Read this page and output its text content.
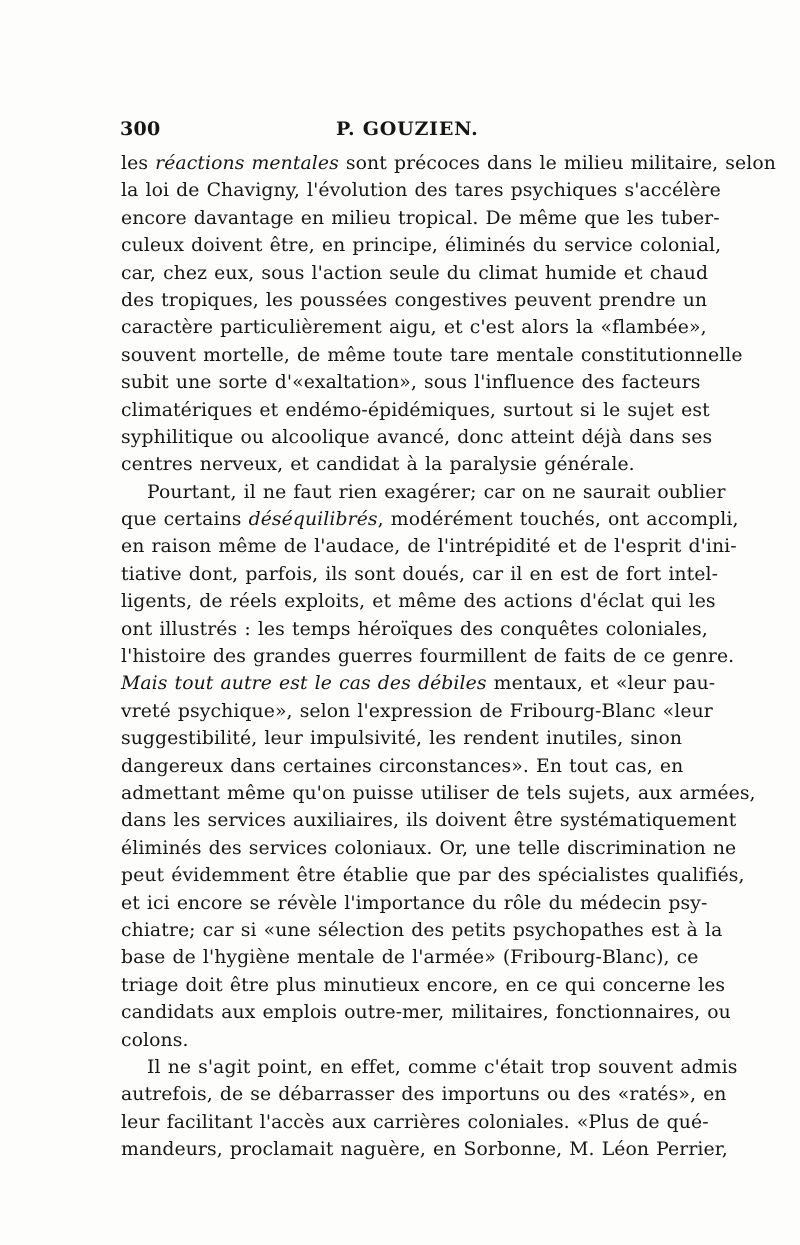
300	P. GOUZIEN.
les réactions mentales sont précoces dans le milieu militaire, selon
la loi de Chavigny, l'évolution des tares psychiques s'accélère
encore davantage en milieu tropical. De même que les tuber-
culeux doivent être, en principe, éliminés du service colonial,
car, chez eux, sous l'action seule du climat humide et chaud
des tropiques, les poussées congestives peuvent prendre un
caractère particulièrement aigu, et c'est alors la «flambée»,
souvent mortelle, de même toute tare mentale constitutionnelle
subit une sorte d'«exaltation», sous l'influence des facteurs
climatériques et endémo-épidémiques, surtout si le sujet est
syphilitique ou alcoolique avancé, donc atteint déjà dans ses
centres nerveux, et candidat à la paralysie générale.
Pourtant, il ne faut rien exagérer; car on ne saurait oublier
que certains déséquilibrés, modérément touchés, ont accompli,
en raison même de l'audace, de l'intrépidité et de l'esprit d'ini-
tiative dont, parfois, ils sont doués, car il en est de fort intel-
ligents, de réels exploits, et même des actions d'éclat qui les
ont illustrés : les temps héroïques des conquêtes coloniales,
l'histoire des grandes guerres fourmillent de faits de ce genre.
Mais tout autre est le cas des débiles mentaux, et «leur pau-
vreté psychique», selon l'expression de Fribourg-Blanc «leur
suggestibilité, leur impulsivité, les rendent inutiles, sinon
dangereux dans certaines circonstances». En tout cas, en
admettant même qu'on puisse utiliser de tels sujets, aux armées,
dans les services auxiliaires, ils doivent être systématiquement
éliminés des services coloniaux. Or, une telle discrimination ne
peut évidemment être établie que par des spécialistes qualifiés,
et ici encore se révèle l'importance du rôle du médecin psy-
chiatre; car si «une sélection des petits psychopathes est à la
base de l'hygiène mentale de l'armée» (Fribourg-Blanc), ce
triage doit être plus minutieux encore, en ce qui concerne les
candidats aux emplois outre-mer, militaires, fonctionnaires, ou
colons.
Il ne s'agit point, en effet, comme c'était trop souvent admis
autrefois, de se débarrasser des importuns ou des «ratés», en
leur facilitant l'accès aux carrières coloniales. «Plus de qué-
mandeurs, proclamait naguère, en Sorbonne, M. Léon Perrier,
